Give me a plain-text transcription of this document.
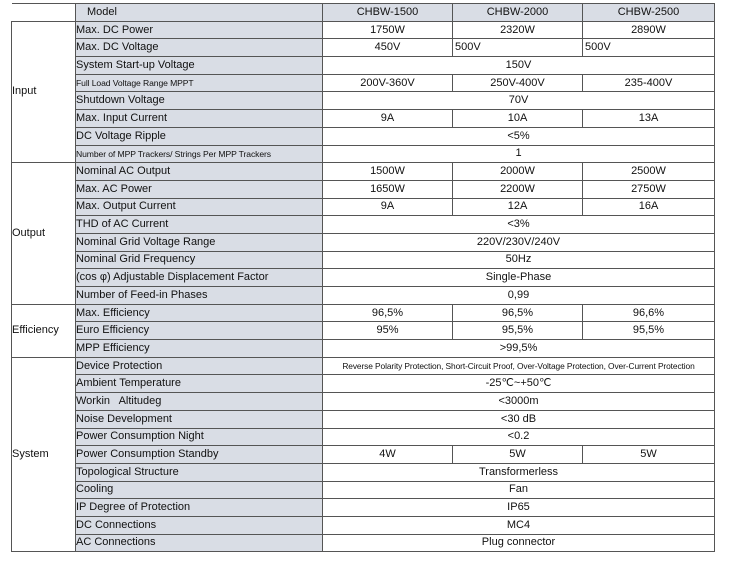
	Model	CHBW-1500	CHBW-2000	CHBW-2500
Input	Max. DC Power	1750W	2320W	2890W
	Max. DC Voltage	450V	500V	500V
	System Start-up Voltage	150V		
	Full Load Voltage Range MPPT	200V-360V	250V-400V	235-400V
	Shutdown Voltage	70V		
	Max. Input Current	9A	10A	13A
	DC Voltage Ripple	<5%		
	Number of MPP Trackers/ Strings Per MPP Trackers	1		
Output	Nominal AC Output	1500W	2000W	2500W
	Max. AC Power	1650W	2200W	2750W
	Max. Output Current	9A	12A	16A
	THD of AC Current	<3%		
	Nominal Grid Voltage Range	220V/230V/240V		
	Nominal Grid Frequency	50Hz		
	(cos φ) Adjustable Displacement Factor	Single-Phase		
	Number of Feed-in Phases	0,99		
Efficiency	Max. Efficiency	96,5%	96,5%	96,6%
	Euro Efficiency	95%	95,5%	95,5%
	MPP Efficiency	>99,5%		
System	Device Protection	Reverse Polarity Protection, Short-Circuit Proof, Over-Voltage Protection, Over-Current Protection		
	Ambient Temperature	-25℃~+50℃		
	Workin   Altitudeg	<3000m		
	Noise Development	<30 dB		
	Power Consumption Night	<0.2		
	Power Consumption Standby	4W	5W	5W
	Topological Structure	Transformerless		
	Cooling	Fan		
	IP Degree of Protection	IP65		
	DC Connections	MC4		
	AC Connections	Plug connector		
